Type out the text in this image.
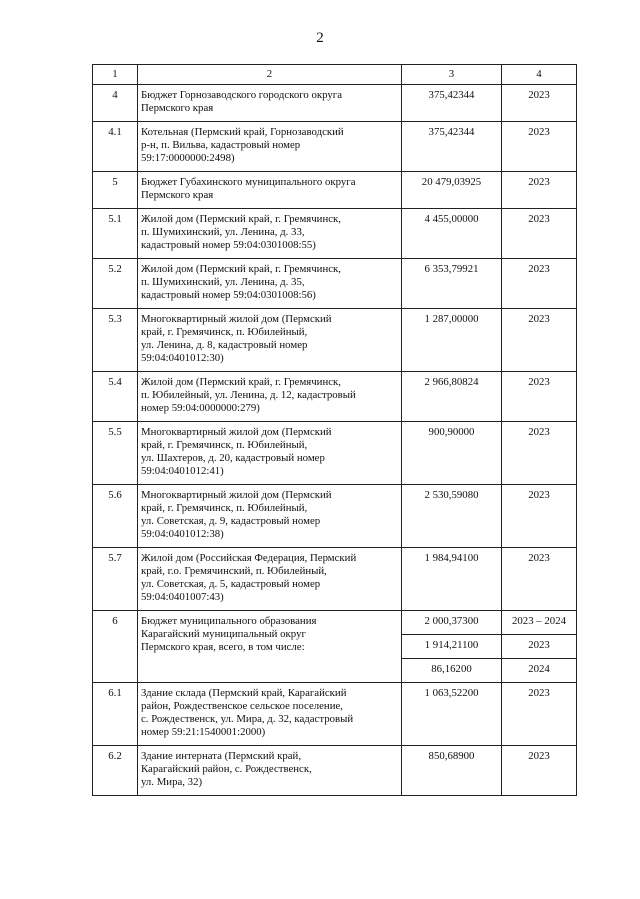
2
1	2	3	4
4	Бюджет Горнозаводского городского округа
Пермского края	375,42344	2023
4.1	Котельная (Пермский край, Горнозаводский
р-н, п. Вильва, кадастровый номер
59:17:0000000:2498)	375,42344	2023
5	Бюджет Губахинского муниципального округа
Пермского края	20 479,03925	2023
5.1	Жилой дом (Пермский край, г. Гремячинск,
п. Шумихинский, ул. Ленина, д. 33,
кадастровый номер 59:04:0301008:55)	4 455,00000	2023
5.2	Жилой дом (Пермский край, г. Гремячинск,
п. Шумихинский, ул. Ленина, д. 35,
кадастровый номер 59:04:0301008:56)	6 353,79921	2023
5.3	Многоквартирный жилой дом (Пермский
край, г. Гремячинск, п. Юбилейный,
ул. Ленина, д. 8, кадастровый номер
59:04:0401012:30)	1 287,00000	2023
5.4	Жилой дом (Пермский край, г. Гремячинск,
п. Юбилейный, ул. Ленина, д. 12, кадастровый
номер 59:04:0000000:279)	2 966,80824	2023
5.5	Многоквартирный жилой дом (Пермский
край, г. Гремячинск, п. Юбилейный,
ул. Шахтеров, д. 20, кадастровый номер
59:04:0401012:41)	900,90000	2023
5.6	Многоквартирный жилой дом (Пермский
край, г. Гремячинск, п. Юбилейный,
ул. Советская, д. 9, кадастровый номер
59:04:0401012:38)	2 530,59080	2023
5.7	Жилой дом (Российская Федерация, Пермский
край, г.о. Гремячинский, п. Юбилейный,
ул. Советская, д. 5, кадастровый номер
59:04:0401007:43)	1 984,94100	2023
6	Бюджет муниципального образования
Карагайский муниципальный округ
Пермского края, всего, в том числе:	2 000,37300	2023 – 2024
		1 914,21100	2023
		86,16200	2024
6.1	Здание склада (Пермский край, Карагайский
район, Рождественское сельское поселение,
с. Рождественск, ул. Мира, д. 32, кадастровый
номер 59:21:1540001:2000)	1 063,52200	2023
6.2	Здание интерната (Пермский край,
Карагайский район, с. Рождественск,
ул. Мира, 32)	850,68900	2023
